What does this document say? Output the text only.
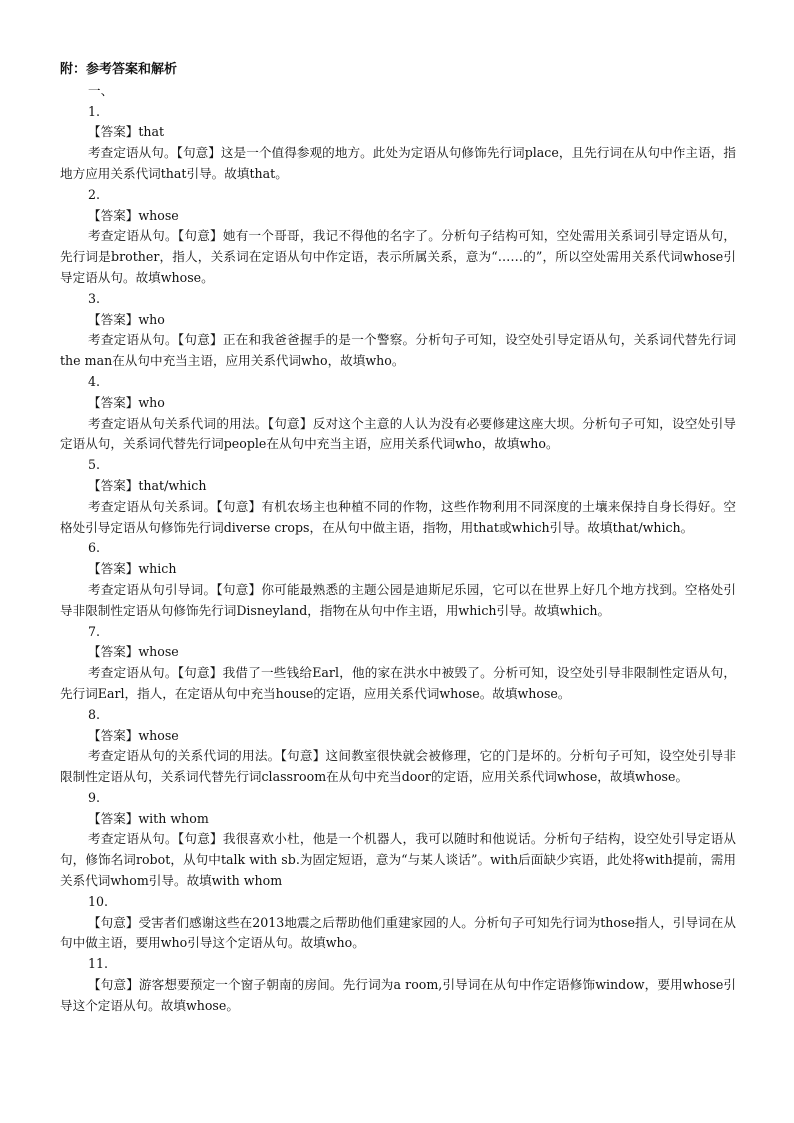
附：参考答案和解析
一、
1.
【答案】that
考查定语从句。【句意】这是一个值得参观的地方。此处为定语从句修饰先行词place，且先行词在从句中作主语，指地方应用关系代词that引导。故填that。
2.
【答案】whose
考查定语从句。【句意】她有一个哥哥，我记不得他的名字了。分析句子结构可知，空处需用关系词引导定语从句，先行词是brother，指人，关系词在定语从句中作定语，表示所属关系，意为“……的”，所以空处需用关系代词whose引导定语从句。故填whose。
3.
【答案】who
考查定语从句。【句意】正在和我爸爸握手的是一个警察。分析句子可知，设空处引导定语从句，关系词代替先行词the man在从句中充当主语，应用关系代词who，故填who。
4.
【答案】who
考查定语从句关系代词的用法。【句意】反对这个主意的人认为没有必要修建这座大坝。分析句子可知，设空处引导定语从句，关系词代替先行词people在从句中充当主语，应用关系代词who，故填who。
5.
【答案】that/which
考查定语从句关系词。【句意】有机农场主也种植不同的作物，这些作物利用不同深度的土壤来保持自身长得好。空格处引导定语从句修饰先行词diverse crops，在从句中做主语，指物，用that或which引导。故填that/which。
6.
【答案】which
考查定语从句引导词。【句意】你可能最熟悉的主题公园是迪斯尼乐园，它可以在世界上好几个地方找到。空格处引导非限制性定语从句修饰先行词Disneyland，指物在从句中作主语，用which引导。故填which。
7.
【答案】whose
考查定语从句。【句意】我借了一些钱给Earl，他的家在洪水中被毁了。分析可知，设空处引导非限制性定语从句，先行词Earl，指人，在定语从句中充当house的定语，应用关系代词whose。故填whose。
8.
【答案】whose
考查定语从句的关系代词的用法。【句意】这间教室很快就会被修理，它的门是坏的。分析句子可知，设空处引导非限制性定语从句，关系词代替先行词classroom在从句中充当door的定语，应用关系代词whose，故填whose。
9.
【答案】with whom
考查定语从句。【句意】我很喜欢小杜，他是一个机器人，我可以随时和他说话。分析句子结构，设空处引导定语从句，修饰名词robot，从句中talk with sb.为固定短语，意为“与某人谈话”。with后面缺少宾语，此处将with提前，需用关系代词whom引导。故填with whom
10.
【句意】受害者们感谢这些在2013地震之后帮助他们重建家园的人。分析句子可知先行词为those指人，引导词在从句中做主语，要用who引导这个定语从句。故填who。
11.
【句意】游客想要预定一个窗子朝南的房间。先行词为a room,引导词在从句中作定语修饰window，要用whose引导这个定语从句。故填whose。
